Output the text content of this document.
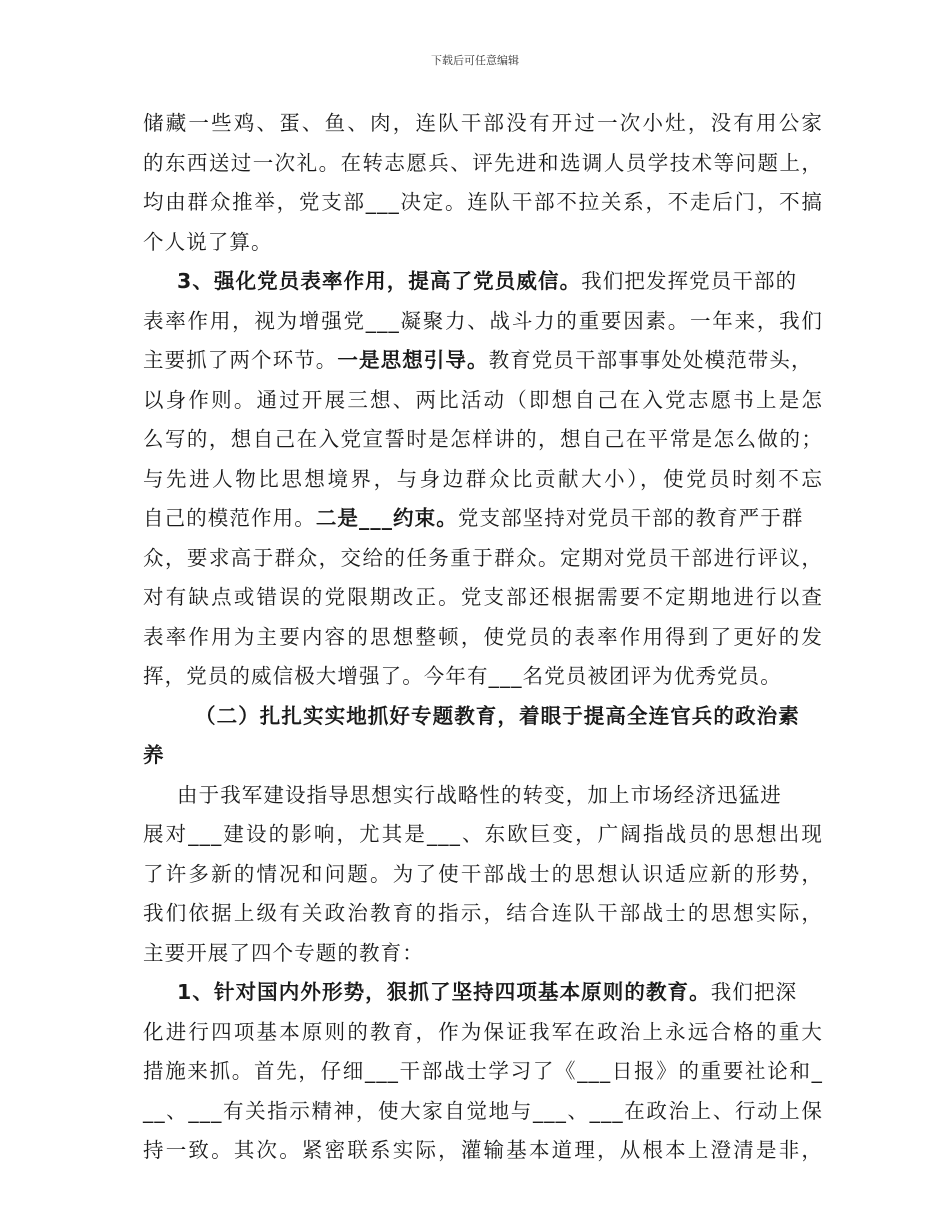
下载后可任意编辑
储藏一些鸡、蛋、鱼、肉，连队干部没有开过一次小灶，没有用公家
的东西送过一次礼。在转志愿兵、评先进和选调人员学技术等问题上，
均由群众推举，党支部___决定。连队干部不拉关系，不走后门，不搞
个人说了算。
3、强化党员表率作用，提高了党员威信。我们把发挥党员干部的
表率作用，视为增强党___凝聚力、战斗力的重要因素。一年来，我们
主要抓了两个环节。一是思想引导。教育党员干部事事处处模范带头，
以身作则。通过开展三想、两比活动（即想自己在入党志愿书上是怎
么写的，想自己在入党宣誓时是怎样讲的，想自己在平常是怎么做的；
与先进人物比思想境界，与身边群众比贡献大小），使党员时刻不忘
自己的模范作用。二是___约束。党支部坚持对党员干部的教育严于群
众，要求高于群众，交给的任务重于群众。定期对党员干部进行评议，
对有缺点或错误的党限期改正。党支部还根据需要不定期地进行以查
表率作用为主要内容的思想整顿，使党员的表率作用得到了更好的发
挥，党员的威信极大增强了。今年有___名党员被团评为优秀党员。
（二）扎扎实实地抓好专题教育，着眼于提高全连官兵的政治素
养
由于我军建设指导思想实行战略性的转变，加上市场经济迅猛进
展对___建设的影响，尤其是___、东欧巨变，广阔指战员的思想出现
了许多新的情况和问题。为了使干部战士的思想认识适应新的形势，
我们依据上级有关政治教育的指示，结合连队干部战士的思想实际，
主要开展了四个专题的教育：
1、针对国内外形势，狠抓了坚持四项基本原则的教育。我们把深
化进行四项基本原则的教育，作为保证我军在政治上永远合格的重大
措施来抓。首先，仔细___干部战士学习了《___日报》的重要社论和_
__、___有关指示精神，使大家自觉地与___、___在政治上、行动上保
持一致。其次。紧密联系实际，灌输基本道理，从根本上澄清是非，
